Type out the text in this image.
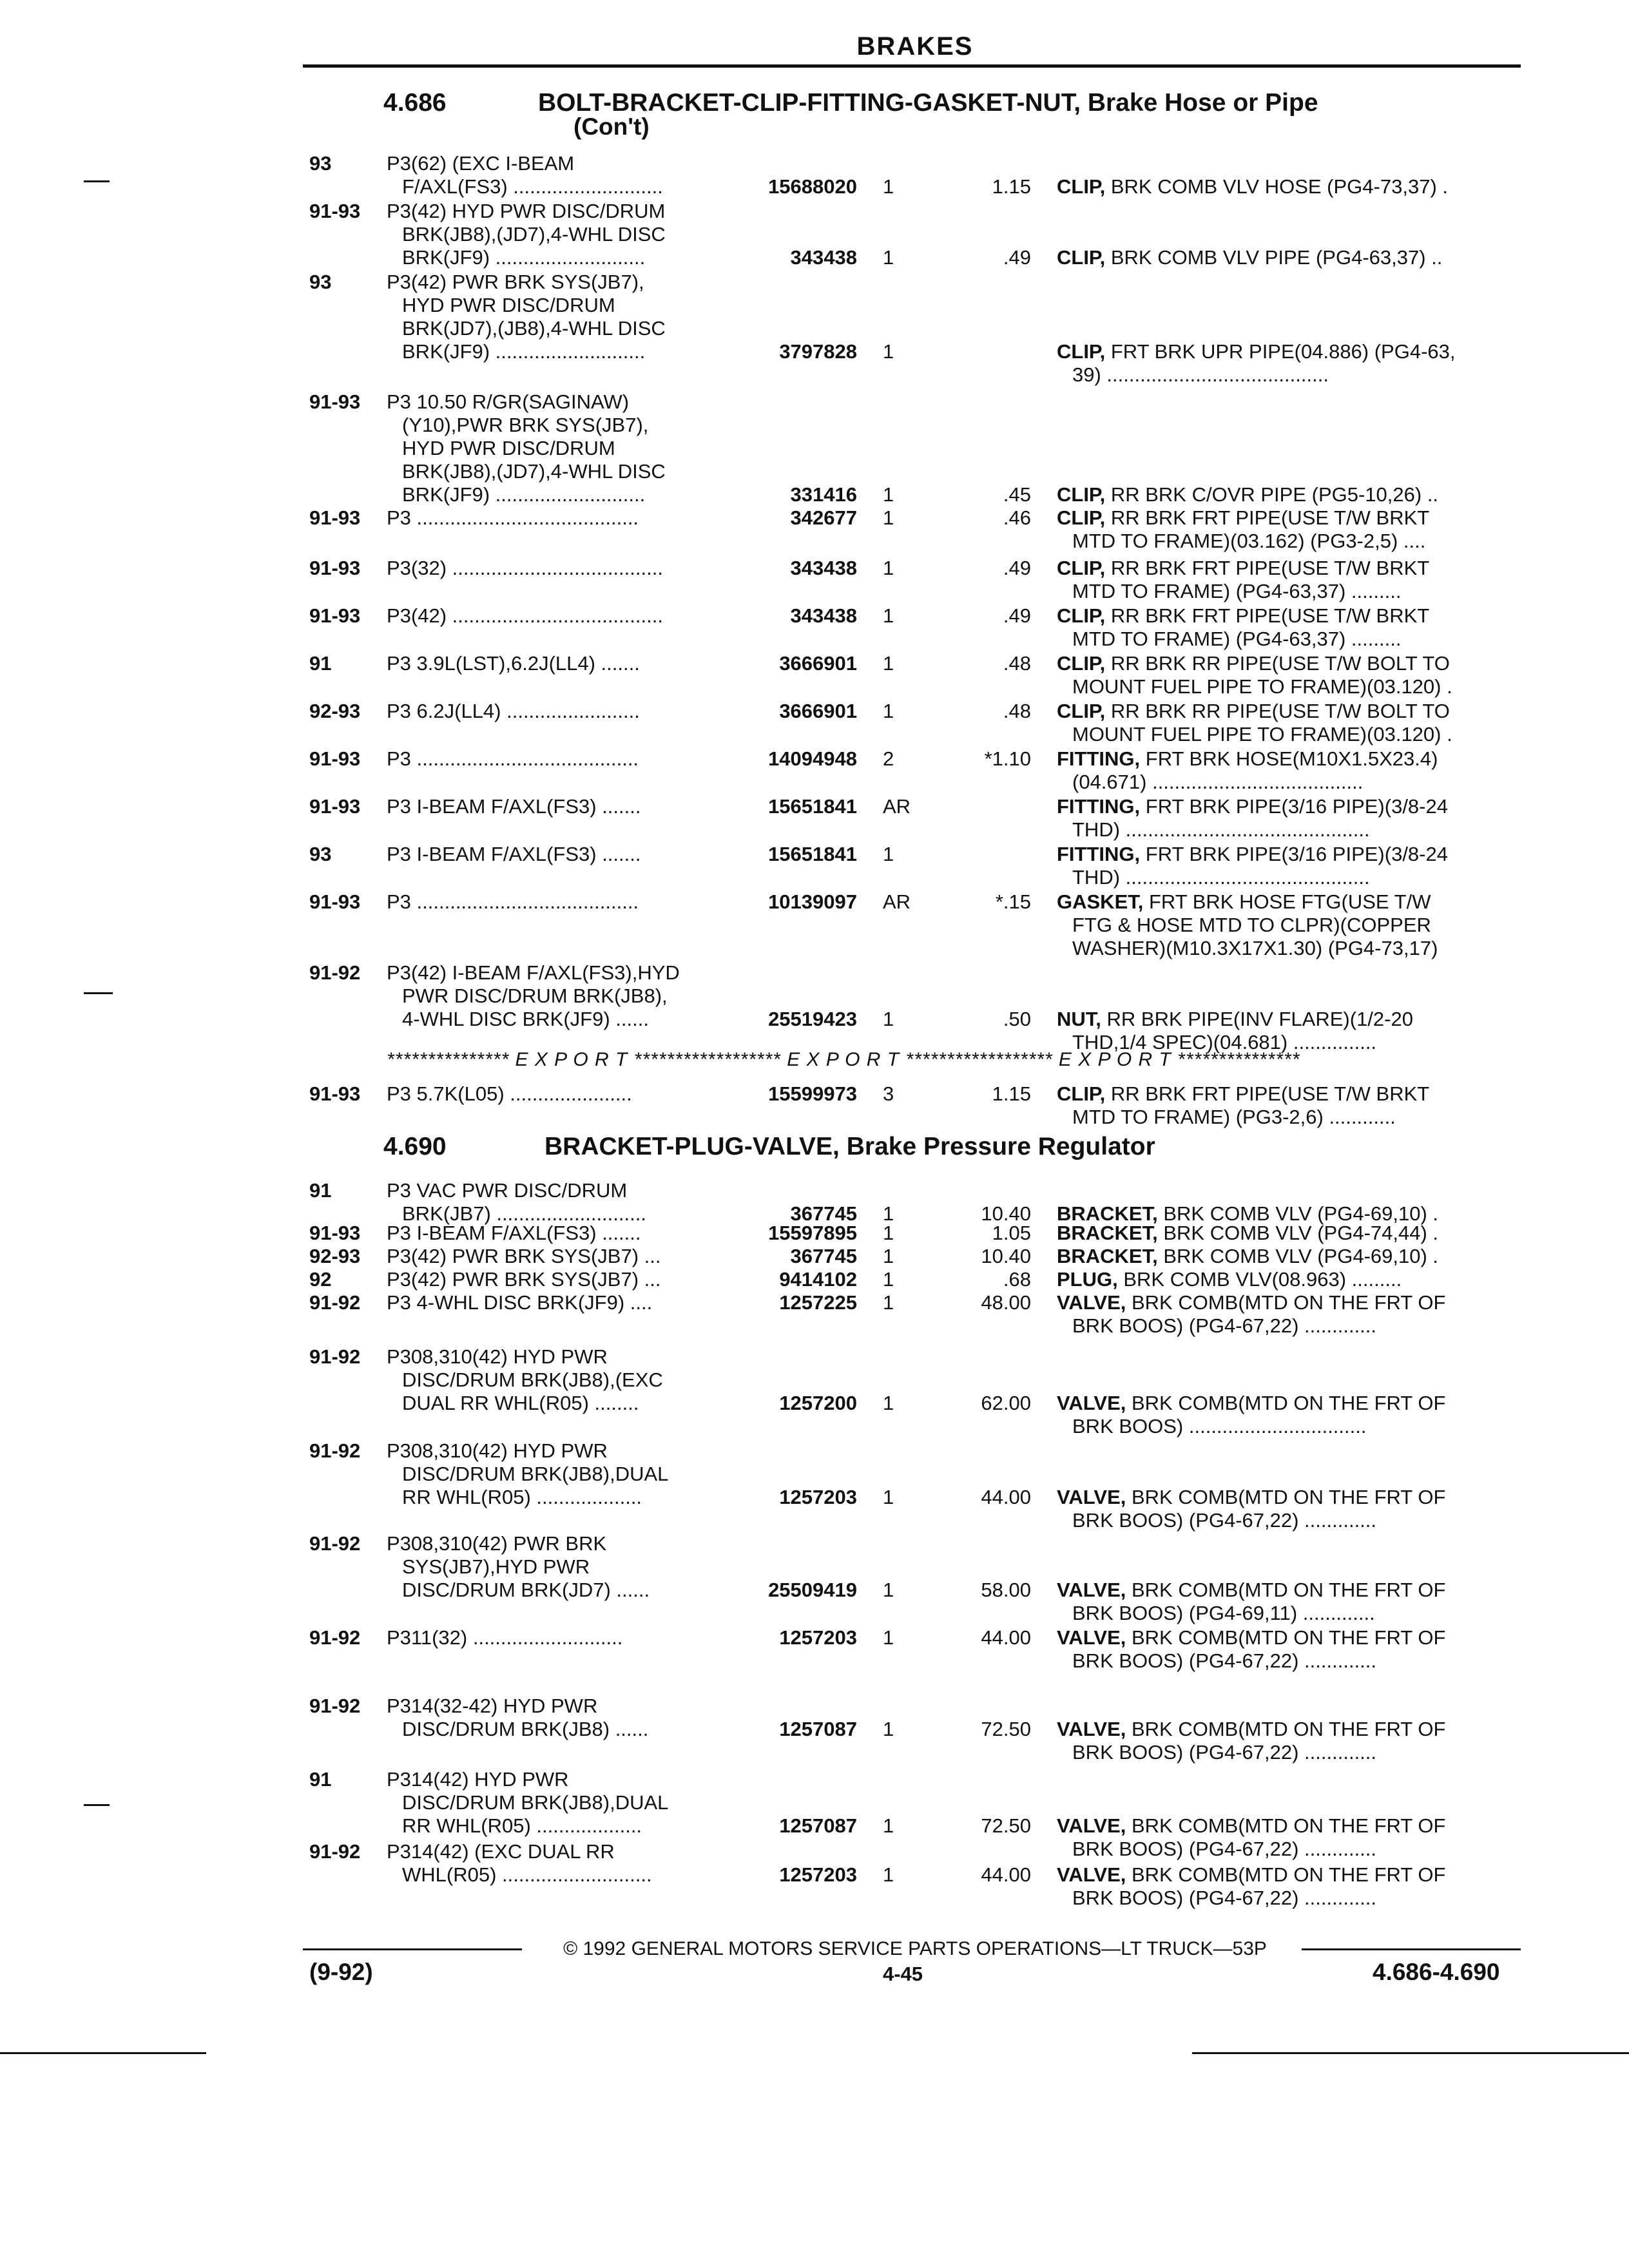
BRAKES
4.686	BOLT-BRACKET-CLIP-FITTING-GASKET-NUT, Brake Hose or Pipe
(Con't)
4.690	BRACKET-PLUG-VALVE, Brake Pressure Regulator
*************** E X P O R T ****************** E X P O R T ****************** E X P O R T ***************
93	P3(62) (EXC I-BEAM
F/AXL(FS3) ...........................	15688020 1	1.15 CLIP, BRK COMB VLV HOSE (PG4-73,37) .
91-93 P3(42) HYD PWR DISC/DRUM
BRK(JB8),(JD7),4-WHL DISC
BRK(JF9) ...........................	343438 1	.49 CLIP, BRK COMB VLV PIPE (PG4-63,37) ..
93	P3(42) PWR BRK SYS(JB7),
HYD PWR DISC/DRUM
BRK(JD7),(JB8),4-WHL DISC
BRK(JF9) ...........................	3797828 1	CLIP, FRT BRK UPR PIPE(04.886) (PG4-63,
39) ........................................
91-93 P3 10.50 R/GR(SAGINAW)
(Y10),PWR BRK SYS(JB7),
HYD PWR DISC/DRUM
BRK(JB8),(JD7),4-WHL DISC
BRK(JF9) ...........................	331416 1	.45 CLIP, RR BRK C/OVR PIPE (PG5-10,26) ..
91-93 P3 ........................................	342677 1	.46 CLIP, RR BRK FRT PIPE(USE T/W BRKT
MTD TO FRAME)(03.162) (PG3-2,5) ....
91-93 P3(32) ......................................	343438 1	.49 CLIP, RR BRK FRT PIPE(USE T/W BRKT
MTD TO FRAME) (PG4-63,37) .........
91-93 P3(42) ......................................	343438 1	.49 CLIP, RR BRK FRT PIPE(USE T/W BRKT
MTD TO FRAME) (PG4-63,37) .........
91	P3 3.9L(LST),6.2J(LL4) .......	3666901 1	.48 CLIP, RR BRK RR PIPE(USE T/W BOLT TO
MOUNT FUEL PIPE TO FRAME)(03.120) .
92-93 P3 6.2J(LL4) ........................	3666901 1	.48 CLIP, RR BRK RR PIPE(USE T/W BOLT TO
MOUNT FUEL PIPE TO FRAME)(03.120) .
91-93 P3 ........................................	14094948 2	*1.10 FITTING, FRT BRK HOSE(M10X1.5X23.4)
(04.671) ......................................
91-93 P3 I-BEAM F/AXL(FS3) .......	15651841 AR	FITTING, FRT BRK PIPE(3/16 PIPE)(3/8-24
THD) ............................................
93	P3 I-BEAM F/AXL(FS3) .......	15651841 1	FITTING, FRT BRK PIPE(3/16 PIPE)(3/8-24
THD) ............................................
91-93 P3 ........................................	10139097 AR	*.15 GASKET, FRT BRK HOSE FTG(USE T/W
FTG & HOSE MTD TO CLPR)(COPPER
WASHER)(M10.3X17X1.30) (PG4-73,17)
91-92 P3(42) I-BEAM F/AXL(FS3),HYD
PWR DISC/DRUM BRK(JB8),
4-WHL DISC BRK(JF9) ......	25519423 1	.50 NUT, RR BRK PIPE(INV FLARE)(1/2-20
THD,1/4 SPEC)(04.681) ...............
91-93 P3 5.7K(L05) ......................	15599973 3	1.15 CLIP, RR BRK FRT PIPE(USE T/W BRKT
MTD TO FRAME) (PG3-2,6) ............
91	P3 VAC PWR DISC/DRUM
BRK(JB7) ...........................	367745 1	10.40 BRACKET, BRK COMB VLV (PG4-69,10) .
91-93 P3 I-BEAM F/AXL(FS3) .......	15597895 1	1.05 BRACKET, BRK COMB VLV (PG4-74,44) .
92-93 P3(42) PWR BRK SYS(JB7) ...	367745 1	10.40 BRACKET, BRK COMB VLV (PG4-69,10) .
92	P3(42) PWR BRK SYS(JB7) ...	9414102 1	.68 PLUG, BRK COMB VLV(08.963) .........
91-92 P3 4-WHL DISC BRK(JF9) ....	1257225 1	48.00 VALVE, BRK COMB(MTD ON THE FRT OF
BRK BOOS) (PG4-67,22) .............
91-92 P308,310(42) HYD PWR
DISC/DRUM BRK(JB8),(EXC
DUAL RR WHL(R05) ........	1257200 1	62.00 VALVE, BRK COMB(MTD ON THE FRT OF
BRK BOOS) ................................
91-92 P308,310(42) HYD PWR
DISC/DRUM BRK(JB8),DUAL
RR WHL(R05) ...................	1257203 1	44.00 VALVE, BRK COMB(MTD ON THE FRT OF
BRK BOOS) (PG4-67,22) .............
91-92 P308,310(42) PWR BRK
SYS(JB7),HYD PWR
DISC/DRUM BRK(JD7) ......	25509419 1	58.00 VALVE, BRK COMB(MTD ON THE FRT OF
BRK BOOS) (PG4-69,11) .............
91-92 P311(32) ...........................	1257203 1	44.00 VALVE, BRK COMB(MTD ON THE FRT OF
BRK BOOS) (PG4-67,22) .............
91-92 P314(32-42) HYD PWR
DISC/DRUM BRK(JB8) ......	1257087 1	72.50 VALVE, BRK COMB(MTD ON THE FRT OF
BRK BOOS) (PG4-67,22) .............
91	P314(42) HYD PWR
DISC/DRUM BRK(JB8),DUAL
RR WHL(R05) ...................	1257087 1	72.50 VALVE, BRK COMB(MTD ON THE FRT OF
BRK BOOS) (PG4-67,22) .............
91-92 P314(42) (EXC DUAL RR
WHL(R05) ...........................	1257203 1	44.00 VALVE, BRK COMB(MTD ON THE FRT OF
BRK BOOS) (PG4-67,22) .............
© 1992 GENERAL MOTORS SERVICE PARTS OPERATIONS—LT TRUCK—53P
(9-92)	4-45	4.686-4.690
